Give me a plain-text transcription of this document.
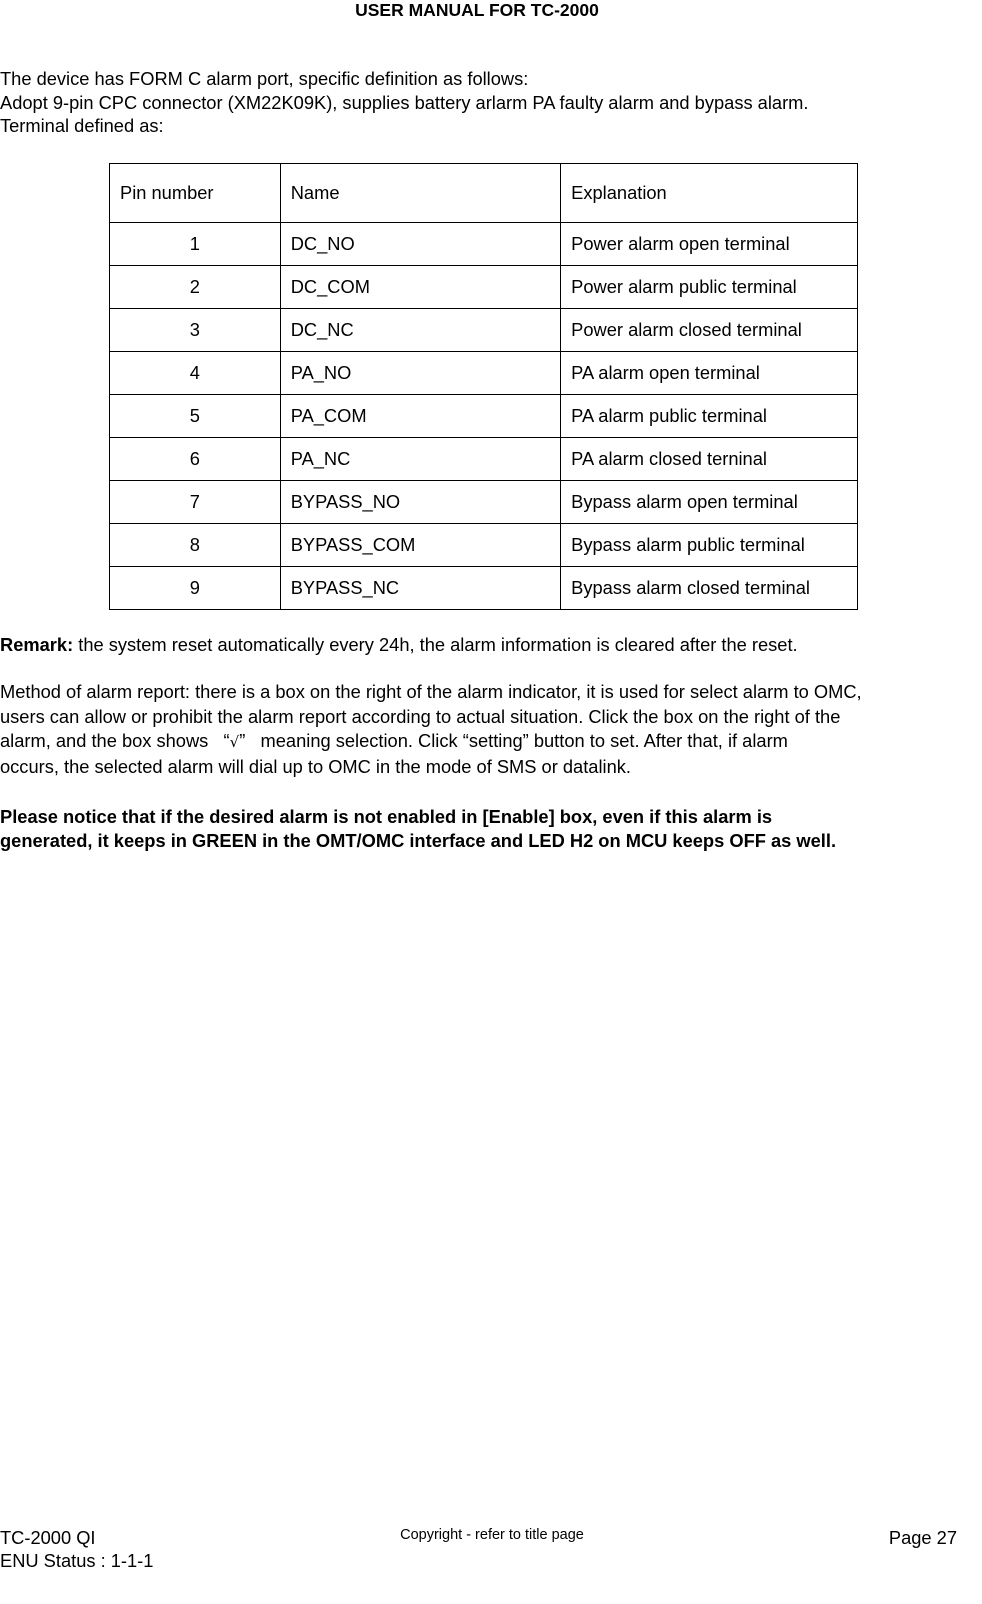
USER MANUAL FOR TC-2000
The device has FORM C alarm port, specific definition as follows:
Adopt 9-pin CPC connector (XM22K09K), supplies battery arlarm PA faulty alarm and bypass alarm.
Terminal defined as:
Pin number	Name	Explanation
1	DC_NO	Power alarm open terminal
2	DC_COM	Power alarm public terminal
3	DC_NC	Power alarm closed terminal
4	PA_NO	PA alarm open terminal
5	PA_COM	PA alarm public terminal
6	PA_NC	PA alarm closed terninal
7	BYPASS_NO	Bypass alarm open terminal
8	BYPASS_COM	Bypass alarm public terminal
9	BYPASS_NC	Bypass alarm closed terminal
Remark: the system reset automatically every 24h, the alarm information is cleared after the reset.
Method of alarm report: there is a box on the right of the alarm indicator, it is used for select alarm to OMC,
users can allow or prohibit the alarm report according to actual situation. Click the box on the right of the
alarm, and the box shows   “√”   meaning selection. Click “setting” button to set. After that, if alarm
occurs, the selected alarm will dial up to OMC in the mode of SMS or datalink.
Please notice that if the desired alarm is not enabled in [Enable] box, even if this alarm is
generated, it keeps in GREEN in the OMT/OMC interface and LED H2 on MCU keeps OFF as well.
TC-2000 QI
ENU Status : 1-1-1
Copyright - refer to title page	Page 27
